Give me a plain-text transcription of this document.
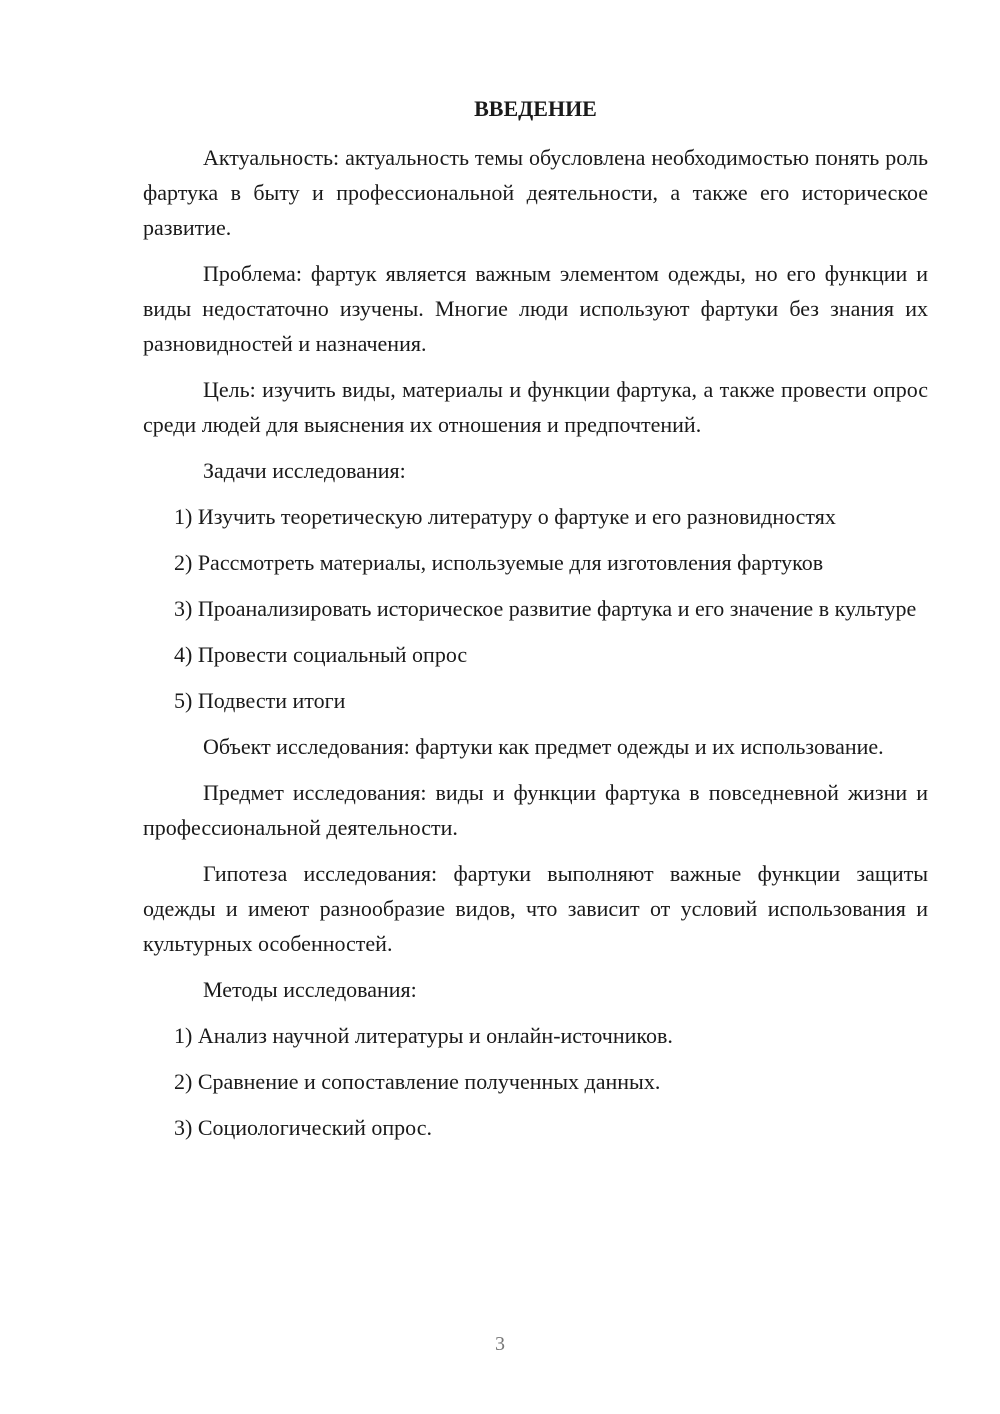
ВВЕДЕНИЕ

Актуальность: актуальность темы обусловлена необходимостью понять роль фартука в быту и профессиональной деятельности, а также его историческое развитие.

Проблема: фартук является важным элементом одежды, но его функции и виды недостаточно изучены. Многие люди используют фартуки без знания их разновидностей и назначения.

Цель: изучить виды, материалы и функции фартука, а также провести опрос среди людей для выяснения их отношения и предпочтений.

Задачи исследования:

1) Изучить теоретическую литературу о фартуке и его разновидностях
2) Рассмотреть материалы, используемые для изготовления фартуков
3) Проанализировать историческое развитие фартука и его значение в культуре
4) Провести социальный опрос
5) Подвести итоги

Объект исследования: фартуки как предмет одежды и их использование.

Предмет исследования: виды и функции фартука в повседневной жизни и профессиональной деятельности.

Гипотеза исследования: фартуки выполняют важные функции защиты одежды и имеют разнообразие видов, что зависит от условий использования и культурных особенностей.

Методы исследования:

1) Анализ научной литературы и онлайн-источников.
2) Сравнение и сопоставление полученных данных.
3) Социологический опрос.
3
